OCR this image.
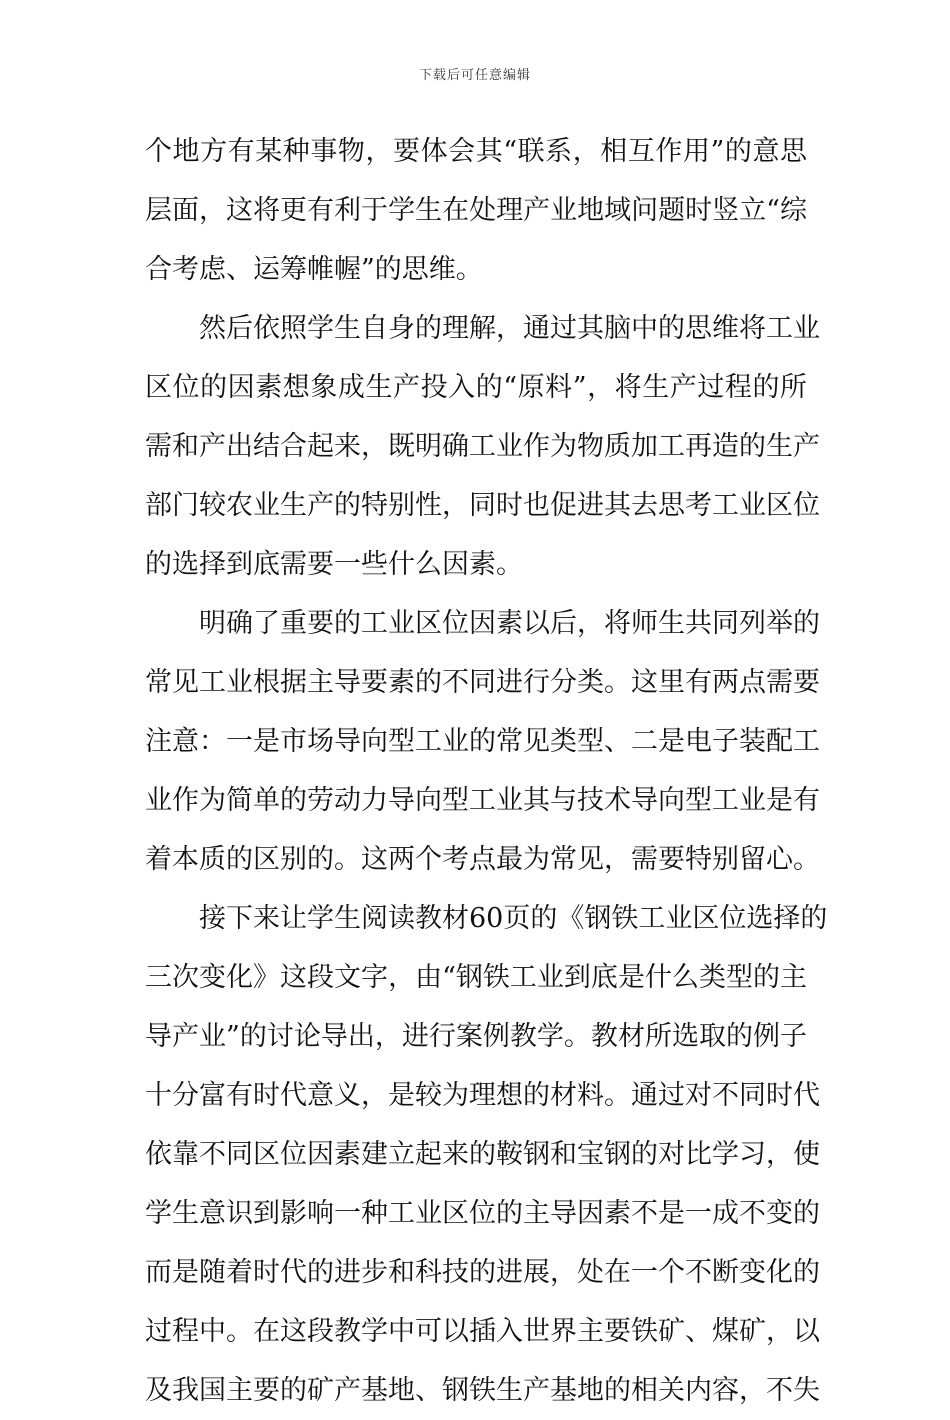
下载后可任意编辑
个地方有某种事物，要体会其“联系，相互作用”的意思
层面，这将更有利于学生在处理产业地域问题时竖立“综
合考虑、运筹帷幄”的思维。
然后依照学生自身的理解，通过其脑中的思维将工业
区位的因素想象成生产投入的“原料”，将生产过程的所
需和产出结合起来，既明确工业作为物质加工再造的生产
部门较农业生产的特别性，同时也促进其去思考工业区位
的选择到底需要一些什么因素。
明确了重要的工业区位因素以后，将师生共同列举的
常见工业根据主导要素的不同进行分类。这里有两点需要
注意：一是市场导向型工业的常见类型、二是电子装配工
业作为简单的劳动力导向型工业其与技术导向型工业是有
着本质的区别的。这两个考点最为常见，需要特别留心。
接下来让学生阅读教材60页的《钢铁工业区位选择的
三次变化》这段文字，由“钢铁工业到底是什么类型的主
导产业”的讨论导出，进行案例教学。教材所选取的例子
十分富有时代意义，是较为理想的材料。通过对不同时代
依靠不同区位因素建立起来的鞍钢和宝钢的对比学习，使
学生意识到影响一种工业区位的主导因素不是一成不变的
而是随着时代的进步和科技的进展，处在一个不断变化的
过程中。在这段教学中可以插入世界主要铁矿、煤矿，以
及我国主要的矿产基地、钢铁生产基地的相关内容，不失
